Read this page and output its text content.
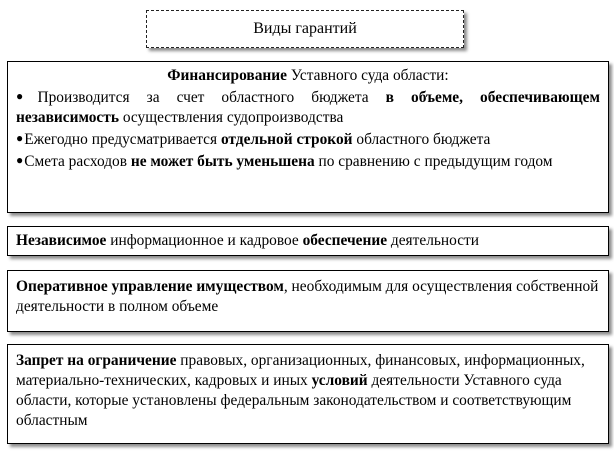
Виды гарантий
Финансирование Уставного суда области:
●Производится за счет областного бюджета в объеме, обеспечивающем независимость осуществления судопроизводства
●Ежегодно предусматривается отдельной строкой областного бюджета
●Смета расходов не может быть уменьшена по сравнению с предыдущим годом
Независимое информационное и кадровое обеспечение деятельности
Оперативное управление имуществом, необходимым для осуществления собственной деятельности в полном объеме
Запрет на ограничение правовых, организационных, финансовых, информационных, материально-технических, кадровых и иных условий деятельности Уставного суда области, которые установлены федеральным законодательством и соответствующим областным
